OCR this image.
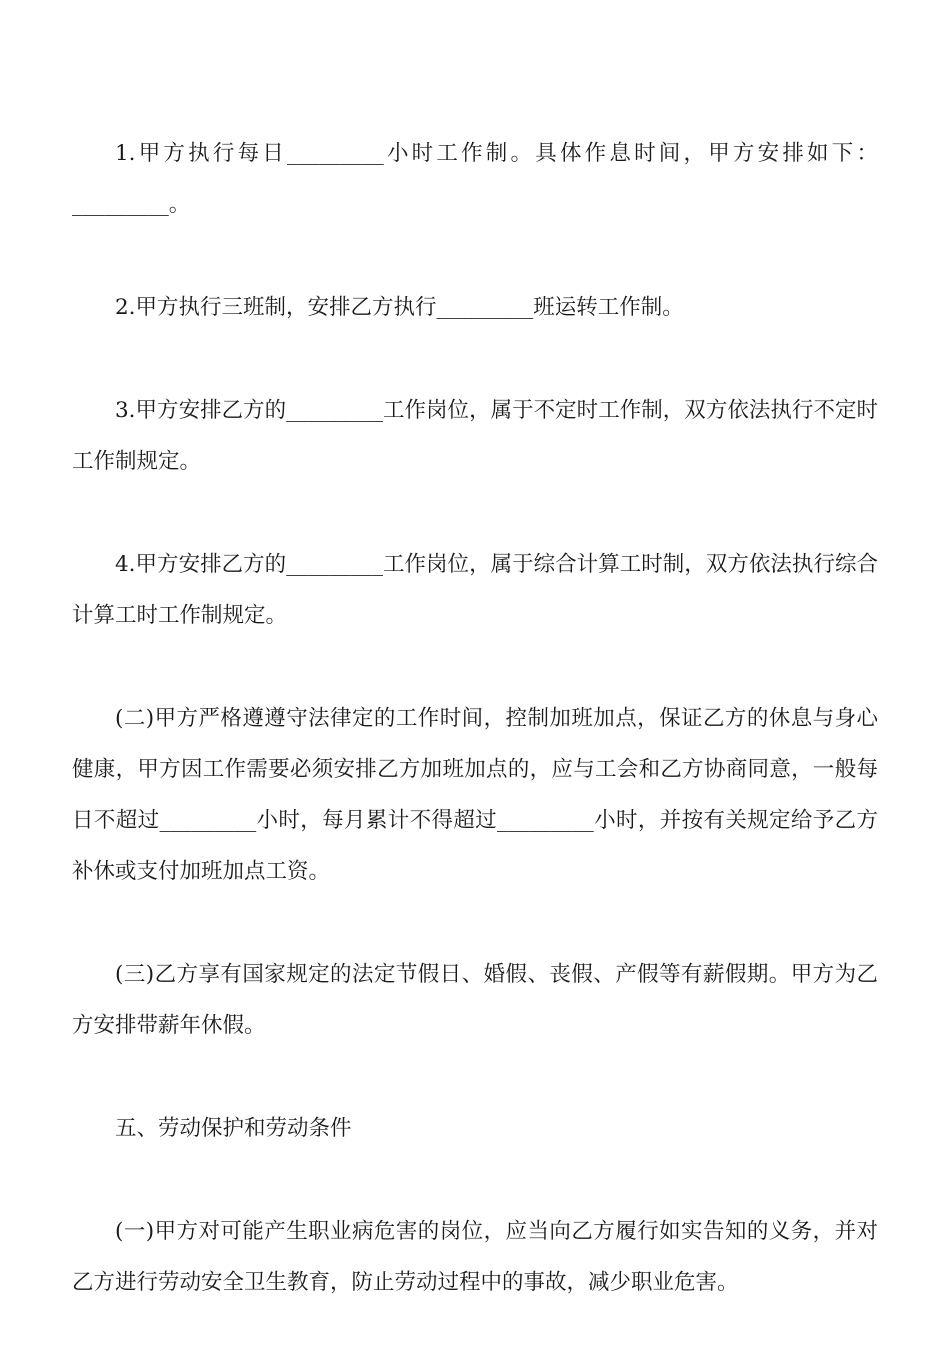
1.甲方执行每日_________小时工作制。具体作息时间，甲方安排如下：_________。

2.甲方执行三班制，安排乙方执行_________班运转工作制。

3.甲方安排乙方的_________工作岗位，属于不定时工作制，双方依法执行不定时工作制规定。

4.甲方安排乙方的_________工作岗位，属于综合计算工时制，双方依法执行综合计算工时工作制规定。

(二)甲方严格遵遵守法律定的工作时间，控制加班加点，保证乙方的休息与身心健康，甲方因工作需要必须安排乙方加班加点的，应与工会和乙方协商同意，一般每日不超过_________小时，每月累计不得超过_________小时，并按有关规定给予乙方补休或支付加班加点工资。

(三)乙方享有国家规定的法定节假日、婚假、丧假、产假等有薪假期。甲方为乙方安排带薪年休假。

五、劳动保护和劳动条件

(一)甲方对可能产生职业病危害的岗位，应当向乙方履行如实告知的义务，并对乙方进行劳动安全卫生教育，防止劳动过程中的事故，减少职业危害。
